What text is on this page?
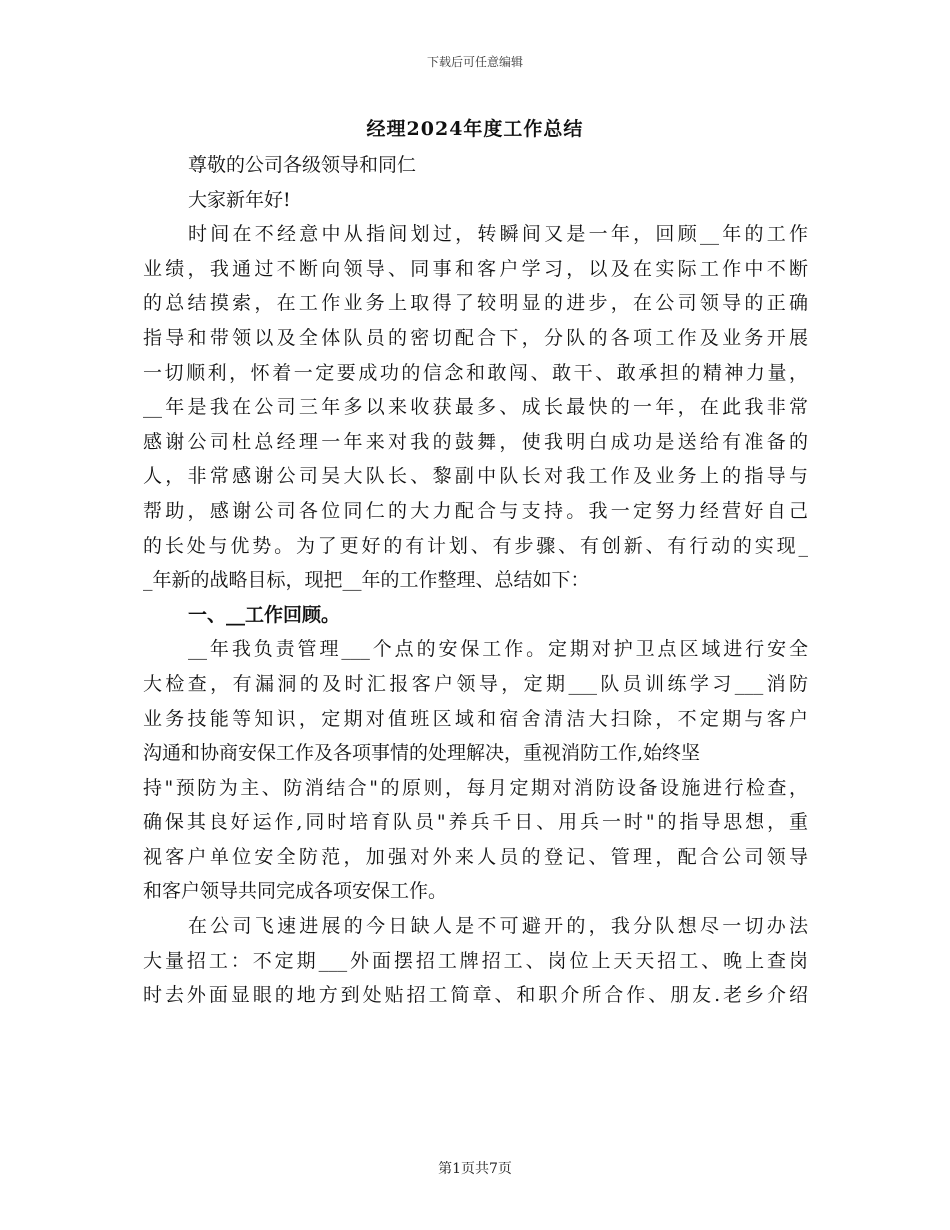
下载后可任意编辑
经理2024年度工作总结
尊敬的公司各级领导和同仁
大家新年好!
时间在不经意中从指间划过，转瞬间又是一年，回顾__年的工作
业绩，我通过不断向领导、同事和客户学习，以及在实际工作中不断
的总结摸索，在工作业务上取得了较明显的进步，在公司领导的正确
指导和带领以及全体队员的密切配合下，分队的各项工作及业务开展
一切顺利，怀着一定要成功的信念和敢闯、敢干、敢承担的精神力量，
__年是我在公司三年多以来收获最多、成长最快的一年，在此我非常
感谢公司杜总经理一年来对我的鼓舞，使我明白成功是送给有准备的
人，非常感谢公司吴大队长、黎副中队长对我工作及业务上的指导与
帮助，感谢公司各位同仁的大力配合与支持。我一定努力经营好自己
的长处与优势。为了更好的有计划、有步骤、有创新、有行动的实现_
_年新的战略目标，现把__年的工作整理、总结如下：
一、__工作回顾。
__年我负责管理___个点的安保工作。定期对护卫点区域进行安全
大检查，有漏洞的及时汇报客户领导，定期___队员训练学习___消防
业务技能等知识，定期对值班区域和宿舍清洁大扫除，不定期与客户
沟通和协商安保工作及各项事情的处理解决，重视消防工作,始终坚
持"预防为主、防消结合"的原则，每月定期对消防设备设施进行检查，
确保其良好运作,同时培育队员"养兵千日、用兵一时"的指导思想，重
视客户单位安全防范，加强对外来人员的登记、管理，配合公司领导
和客户领导共同完成各项安保工作。
在公司飞速进展的今日缺人是不可避开的，我分队想尽一切办法
大量招工：不定期___外面摆招工牌招工、岗位上天天招工、晚上查岗
时去外面显眼的地方到处贴招工简章、和职介所合作、朋友.老乡介绍
第1页共7页
